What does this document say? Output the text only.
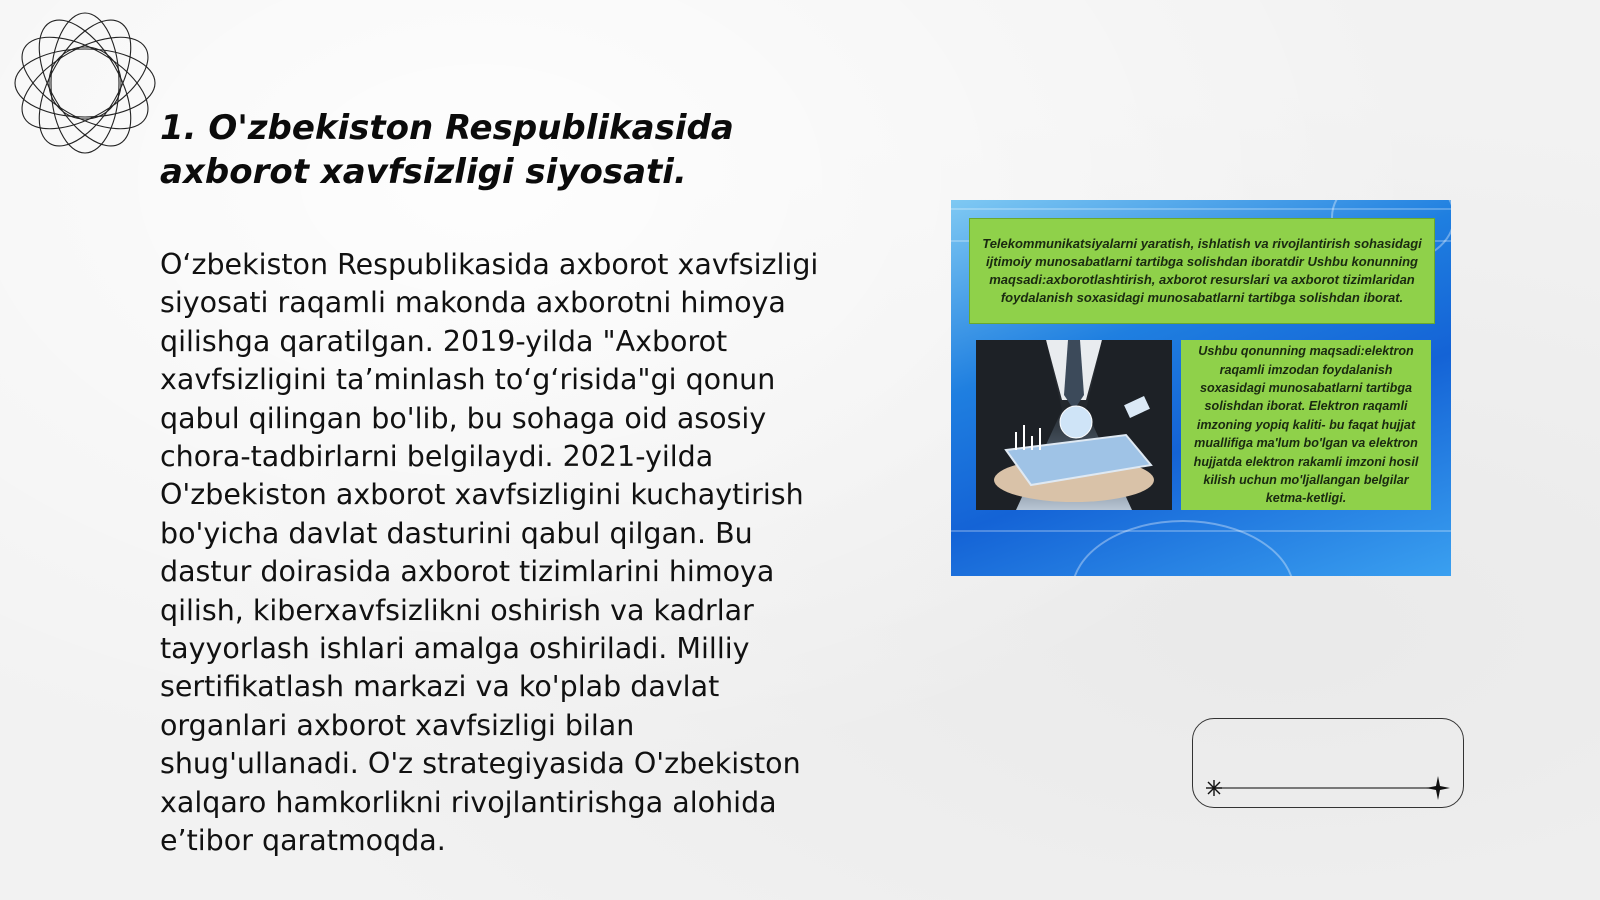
1. O'zbekiston Respublikasida axborot xavfsizligi siyosati.

O‘zbekiston Respublikasida axborot xavfsizligi siyosati raqamli makonda axborotni himoya qilishga qaratilgan. 2019-yilda "Axborot xavfsizligini ta’minlash to‘g‘risida"gi qonun qabul qilingan bo'lib, bu sohaga oid asosiy chora-tadbirlarni belgilaydi. 2021-yilda O'zbekiston axborot xavfsizligini kuchaytirish bo'yicha davlat dasturini qabul qilgan. Bu dastur doirasida axborot tizimlarini himoya qilish, kiberxavfsizlikni oshirish va kadrlar tayyorlash ishlari amalga oshiriladi. Milliy sertifikatlash markazi va ko'plab davlat organlari axborot xavfsizligi bilan shug'ullanadi. O'z strategiyasida O'zbekiston xalqaro hamkorlikni rivojlantirishga alohida e’tibor qaratmoqda.

Telekommunikatsiyalarni yaratish, ishlatish va rivojlantirish sohasidagi ijtimoiy munosabatlarni tartibga solishdan iboratdir Ushbu konunning maqsadi:axborotlashtirish, axborot resurslari va axborot tizimlaridan foydalanish soxasidagi munosabatlarni tartibga solishdan iborat.
Ushbu qonunning maqsadi:elektron raqamli imzodan foydalanish soxasidagi munosabatlarni tartibga solishdan iborat. Elektron raqamli imzoning yopiq kaliti- bu faqat hujjat muallifiga ma'lum bo'lgan va elektron hujjatda elektron rakamli imzoni hosil kilish uchun mo'ljallangan belgilar ketma-ketligi.
